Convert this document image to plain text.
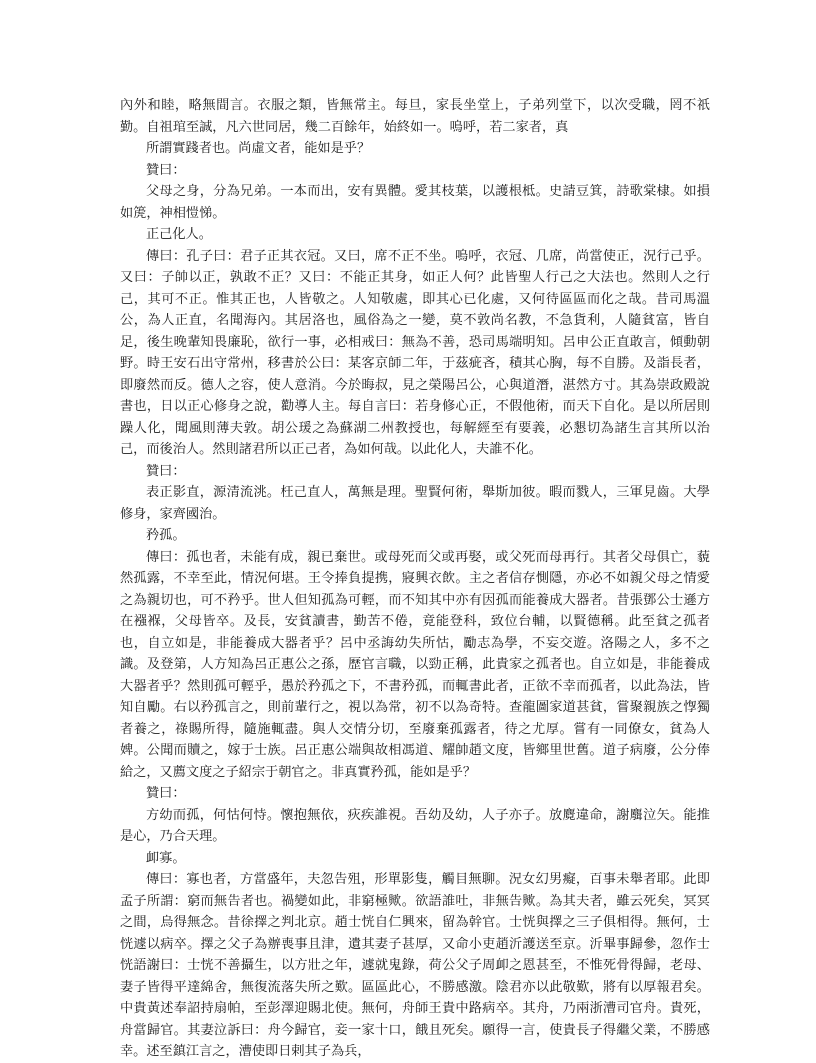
內外和睦，略無間言。衣服之類，皆無常主。每旦，家長坐堂上，子弟列堂下，以次受職，罔不祇勤。自祖琯至誠，凡六世同居，幾二百餘年，始終如一。嗚呼，若二家者，真

所謂實踐者也。尚虛文者，能如是乎？

贊曰：

父母之身，分為兄弟。一本而出，安有異體。愛其枝葉，以護根柢。史請豆箕，詩歌棠棣。如損如箎，神相愷悌。

正己化人。

傳曰：孔子曰：君子正其衣冠。又曰，席不正不坐。嗚呼，衣冠、几席，尚當使正，況行己乎。又曰：子帥以正，孰敢不正？又曰：不能正其身，如正人何？此皆聖人行己之大法也。然則人之行己，其可不正。惟其正也，人皆敬之。人知敬處，即其心已化處，又何待區區而化之哉。昔司馬溫公，為人正直，名聞海內。其居洛也，風俗為之一變，莫不敦尚名教，不急貨利，人隨貧富，皆自足，後生晚輩知畏廉恥，欲行一事，必相戒曰：無為不善，恐司馬端明知。呂申公正直敢言，傾動朝野。時王安石出守常州，移書於公曰：某客京師二年，于茲疵吝，積其心胸，每不自勝。及詣長者，即廢然而反。德人之容，使人意消。今於晦叔，見之榮陽呂公，心與道潛，湛然方寸。其為崇政殿說書也，日以正心修身之說，勸導人主。每自言曰：若身修心正，不假他術，而天下自化。是以所居則躁人化，聞風則薄夫敦。胡公瑗之為蘇湖二州教授也，每解經至有要義，必懇切為諸生言其所以治己，而後治人。然則諸君所以正己者，為如何哉。以此化人，夫誰不化。

贊曰：

表正影直，源清流洮。枉己直人，萬無是理。聖賢何術，舉斯加彼。暇而戮人，三軍見齒。大學修身，家齊國治。

矜孤。

傳曰：孤也者，未能有成，親已棄世。或母死而父或再娶，或父死而母再行。其者父母俱亡，藐然孤露，不幸至此，情況何堪。王令捧負提携，寢興衣飲。主之者信存惻隱，亦必不如親父母之情愛之為親切也，可不矜乎。世人但知孤為可輕，而不知其中亦有因孤而能養成大器者。昔張鄧公士遜方在襁褓，父母皆卒。及長，安貧讀書，勤苦不倦，竟能登科，致位台輔，以賢德稱。此至貧之孤者也，自立如是，非能養成大器者乎？呂中丞誨幼失所怙，勵志為學，不妄交遊。洛陽之人，多不之識。及登第，人方知為呂正惠公之孫，歷官言職，以勁正稱，此貴家之孤者也。自立如是，非能養成大器者乎？然則孤可輕乎，愚於矜孤之下，不書矜孤，而輒書此者，正欲不幸而孤者，以此為法，皆知自勵。右以矜孤言之，則前輩行之，視以為常，初不以為奇特。查龍圖家道甚貧，嘗聚親族之惸獨者養之，祿賜所得，隨施輒盡。與人交情分切，至廢棄孤露者，待之尤厚。嘗有一同僚女，貧為人婢。公聞而贖之，嫁于士族。呂正惠公端與故相馮道、耀帥趙文度，皆鄉里世舊。道子病廢，公分俸給之，又薦文度之子紹宗于朝官之。非真實矜孤，能如是乎？

贊曰：

方幼而孤，何怙何恃。懷抱無依，疢疾誰視。吾幼及幼，人子亦子。放麑違命，謝麛泣矢。能推是心，乃合天理。

卹寡。

傳曰：寡也者，方當盛年，夫忽告殂，形單影隻，觸目無聊。況女幻男癡，百事未舉者耶。此即孟子所謂：窮而無告者也。禍變如此，非窮極歟。欲語誰吐，非無告歟。為其夫者，雖云死矣，冥冥之間，烏得無念。昔徐擇之判北京。趙士恍自仁興來，留為幹官。士恍與擇之三子俱相得。無何，士恍遽以病卒。擇之父子為辦喪事且津，遺其妻子甚厚，又命小吏趙沂護送至京。沂畢事歸參，忽作士恍語謝曰：士恍不善攝生，以方壯之年，遽就鬼錄，荷公父子周卹之恩甚至，不惟死骨得歸，老母、妻子皆得平達綿舍，無復流落失所之歎。區區此心，不勝感激。陰君亦以此敬歎，將有以厚報君矣。中貴黃述奉詔持扇帕，至彭澤迎賜北使。無何，舟師王貴中路病卒。其舟，乃兩浙漕司官舟。貴死，舟當歸官。其妻泣訴曰：舟今歸官，妾一家十口，餓且死矣。願得一言，使貴長子得繼父業，不勝感幸。述至鎮江言之，漕使即日剌其子為兵，
